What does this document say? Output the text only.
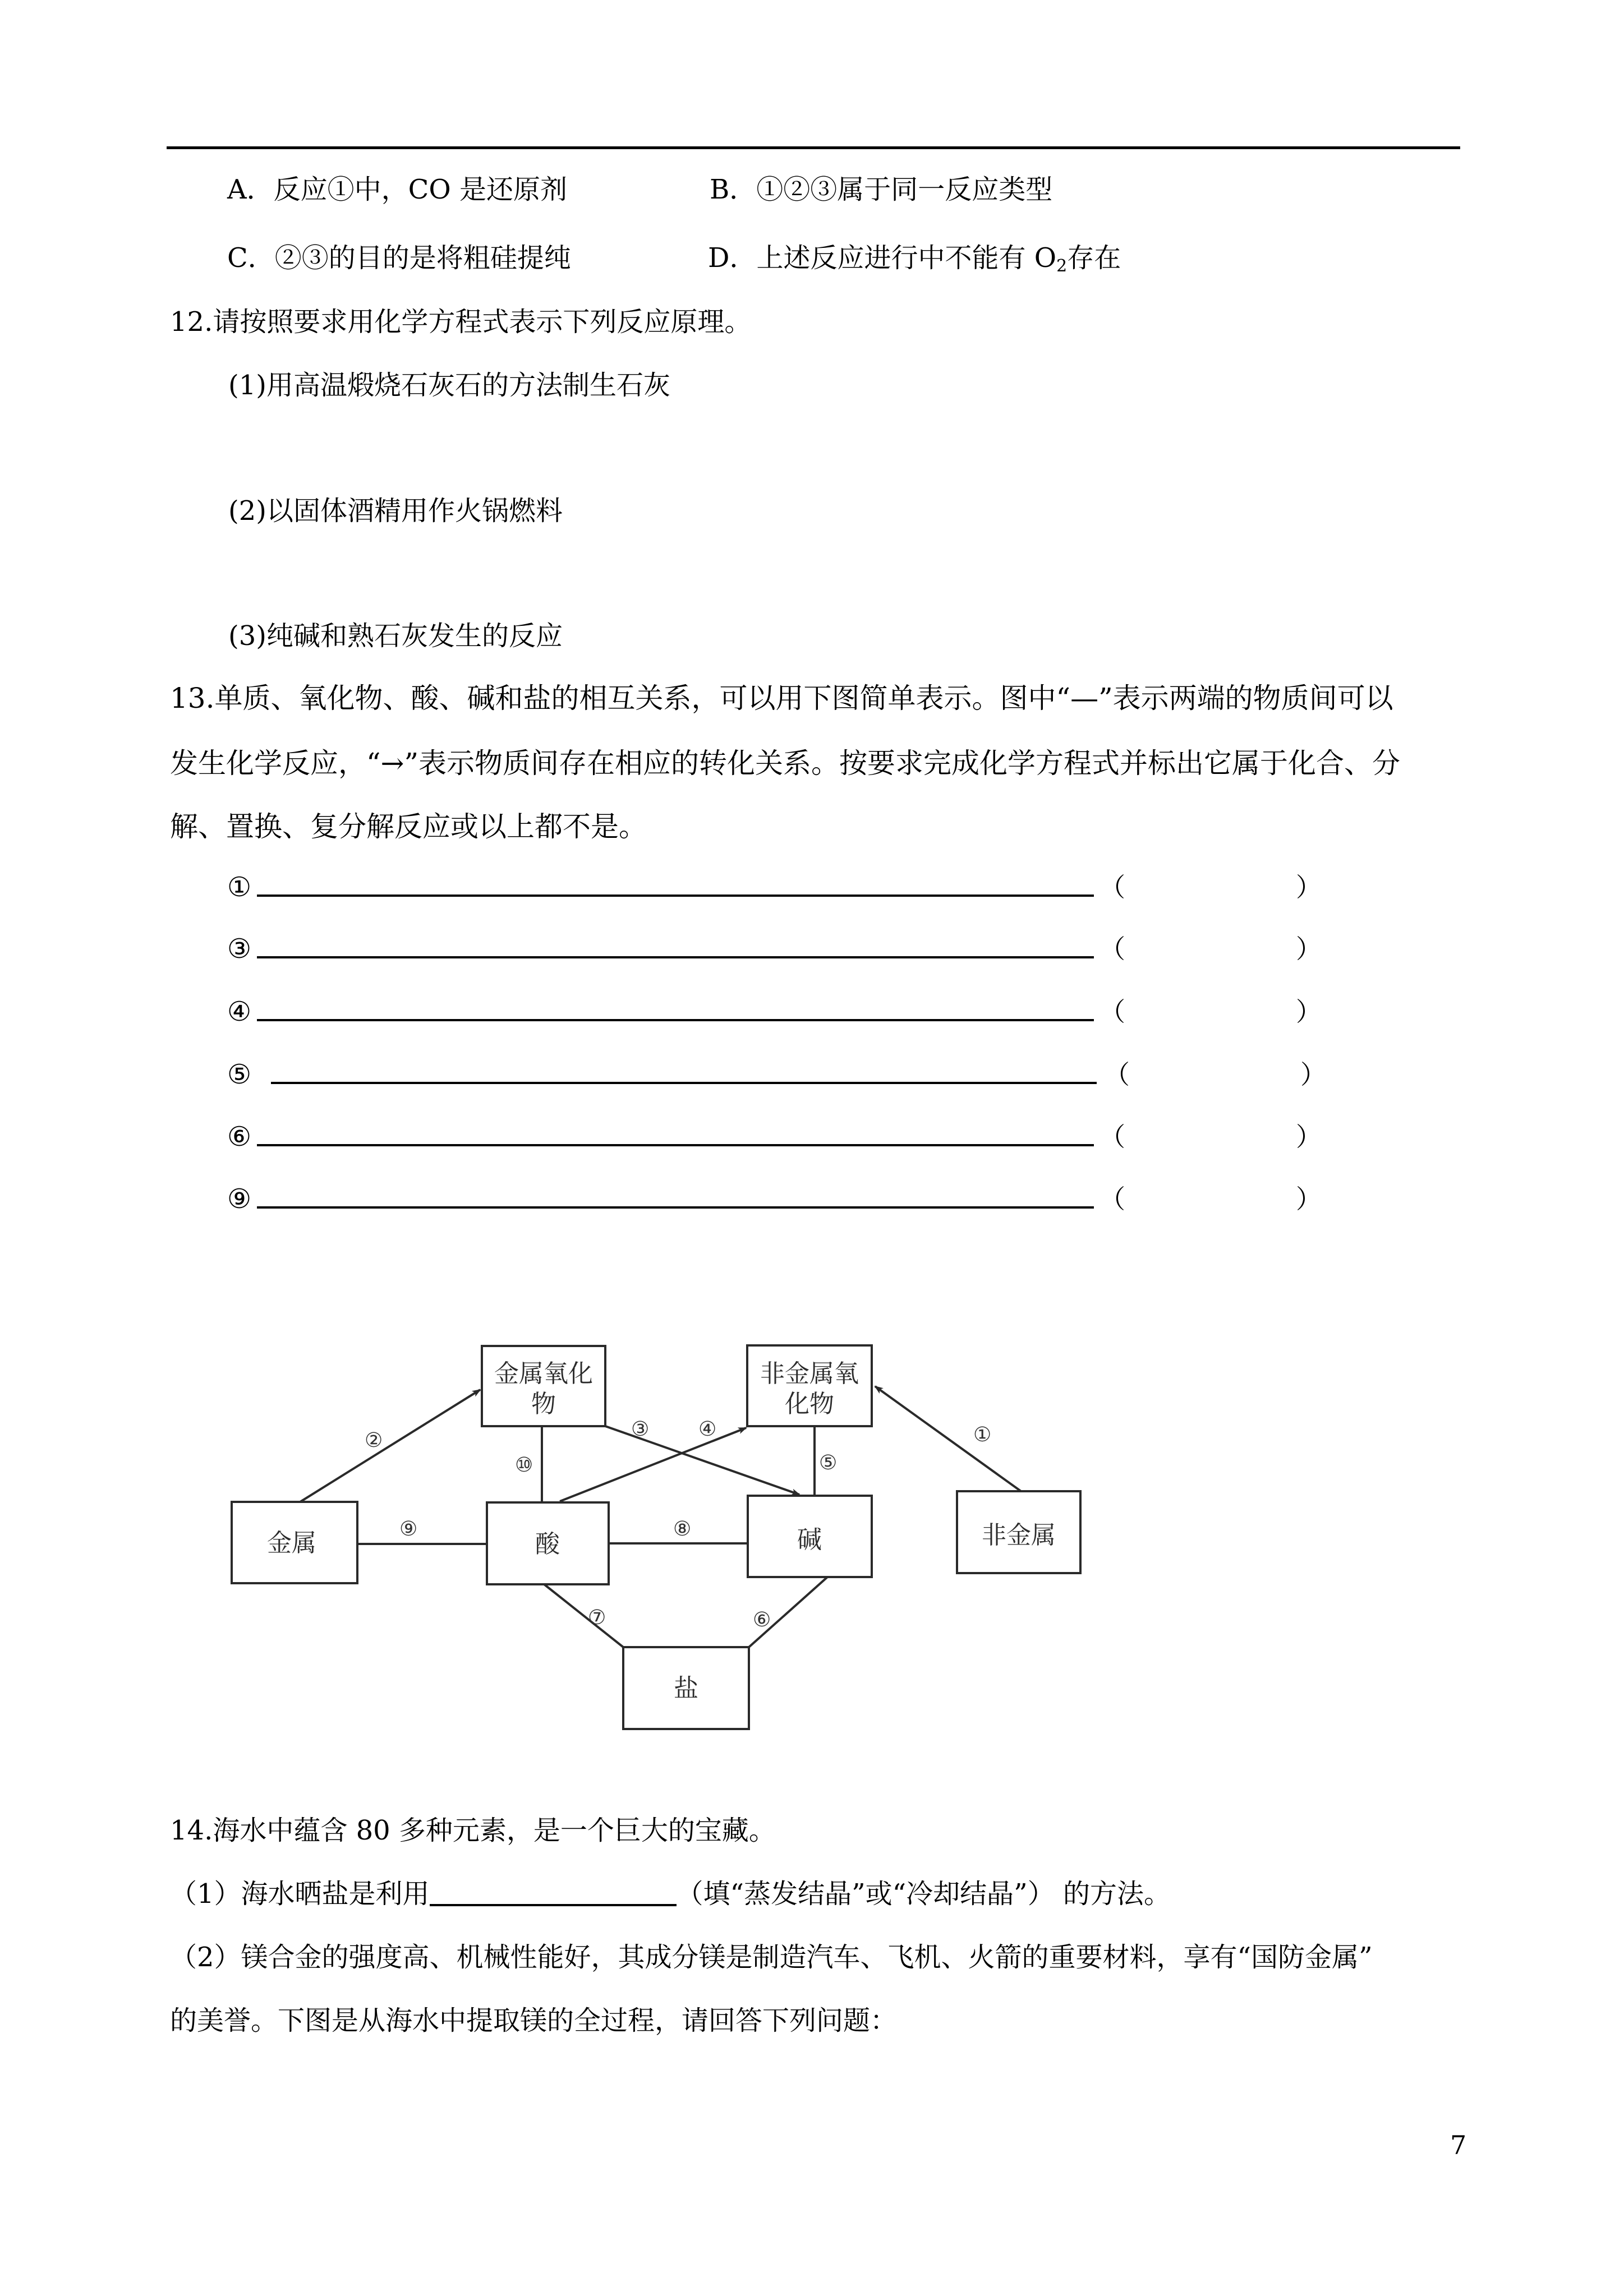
A．反应①中，CO 是还原剂	B．①②③属于同一反应类型
C．②③的目的是将粗硅提纯	D．上述反应进行中不能有 $O_2$存在
12.请按照要求用化学方程式表示下列反应原理。
(1)用高温煅烧石灰石的方法制生石灰
(2)以固体酒精用作火锅燃料
(3)纯碱和熟石灰发生的反应
13.单质、氧化物、酸、碱和盐的相互关系，可以用下图简单表示。图中“—”表示两端的物质间可以
发生化学反应，“→”表示物质间存在相应的转化关系。按要求完成化学方程式并标出它属于化合、分
解、置换、复分解反应或以上都不是。
①	（	）
③	（	）
④	（	）
⑤	（	）
⑥	（	）
⑨	（	）
金属氧化
物
非金属氧
化物
金属	酸	碱	非金属
盐
②	①
③ ④
⑩	⑤
⑨	⑧
⑦	⑥
14.海水中蕴含 80 多种元素，是一个巨大的宝藏。
（1）海水晒盐是利用	（填“蒸发结晶”或“冷却结晶”） 的方法。
（2）镁合金的强度高、机械性能好，其成分镁是制造汽车、飞机、火箭的重要材料，享有“国防金属”
的美誉。下图是从海水中提取镁的全过程，请回答下列问题：
7
